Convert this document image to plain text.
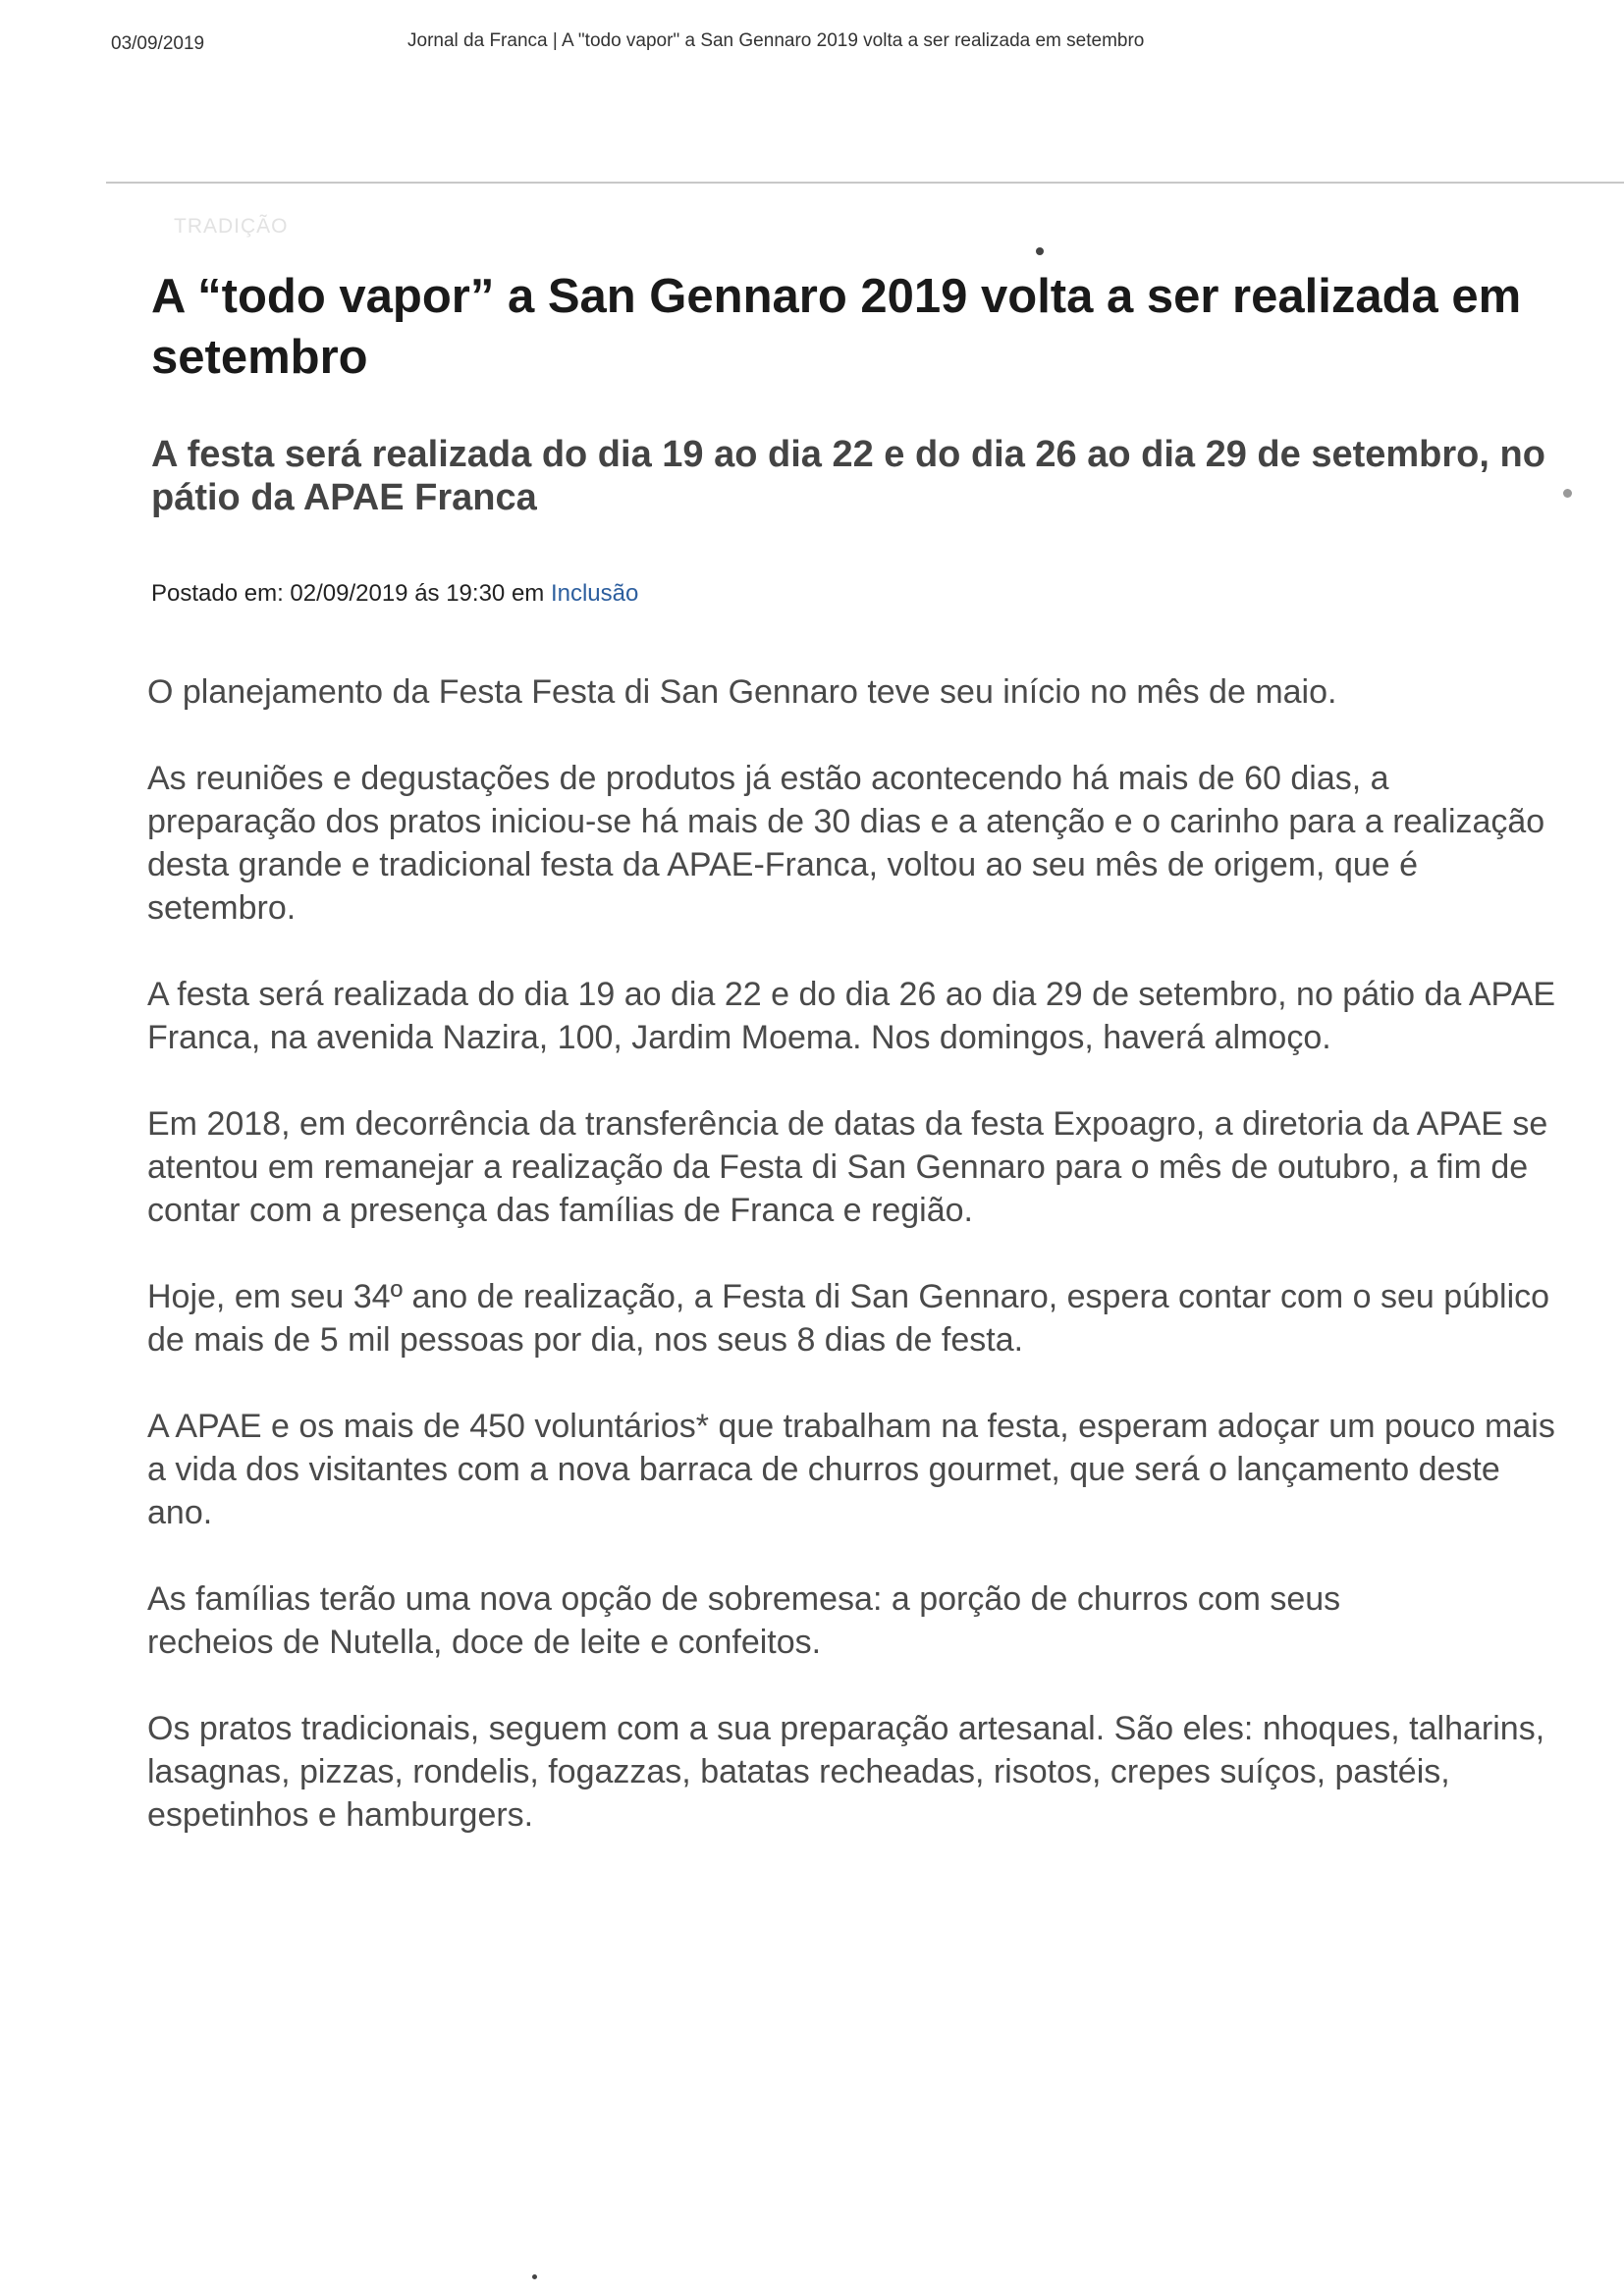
03/09/2019	Jornal da Franca | A "todo vapor" a San Gennaro 2019 volta a ser realizada em setembro
TRADIÇÃO
A “todo vapor” a San Gennaro 2019 volta a ser realizada em setembro
A festa será realizada do dia 19 ao dia 22 e do dia 26 ao dia 29 de setembro, no pátio da APAE Franca
Postado em: 02/09/2019 ás 19:30 em Inclusão

O planejamento da Festa Festa di San Gennaro teve seu início no mês de maio.

As reuniões e degustações de produtos já estão acontecendo há mais de 60 dias, a preparação dos pratos iniciou-se há mais de 30 dias e a atenção e o carinho para a realização desta grande e tradicional festa da APAE-Franca, voltou ao seu mês de origem, que é setembro.

A festa será realizada do dia 19 ao dia 22 e do dia 26 ao dia 29 de setembro, no pátio da APAE Franca, na avenida Nazira, 100, Jardim Moema. Nos domingos, haverá almoço.

Em 2018, em decorrência da transferência de datas da festa Expoagro, a diretoria da APAE se atentou em remanejar a realização da Festa di San Gennaro para o mês de outubro, a fim de contar com a presença das famílias de Franca e região.

Hoje, em seu 34º ano de realização, a Festa di San Gennaro, espera contar com o seu público de mais de 5 mil pessoas por dia, nos seus 8 dias de festa.

A APAE e os mais de 450 voluntários* que trabalham na festa, esperam adoçar um pouco mais a vida dos visitantes com a nova barraca de churros gourmet, que será o lançamento deste ano.

As famílias terão uma nova opção de sobremesa: a porção de churros com seus recheios de Nutella, doce de leite e confeitos.

Os pratos tradicionais, seguem com a sua preparação artesanal. São eles: nhoques, talharins, lasagnas, pizzas, rondelis, fogazzas, batatas recheadas, risotos, crepes suíços, pastéis, espetinhos e hamburgers.
